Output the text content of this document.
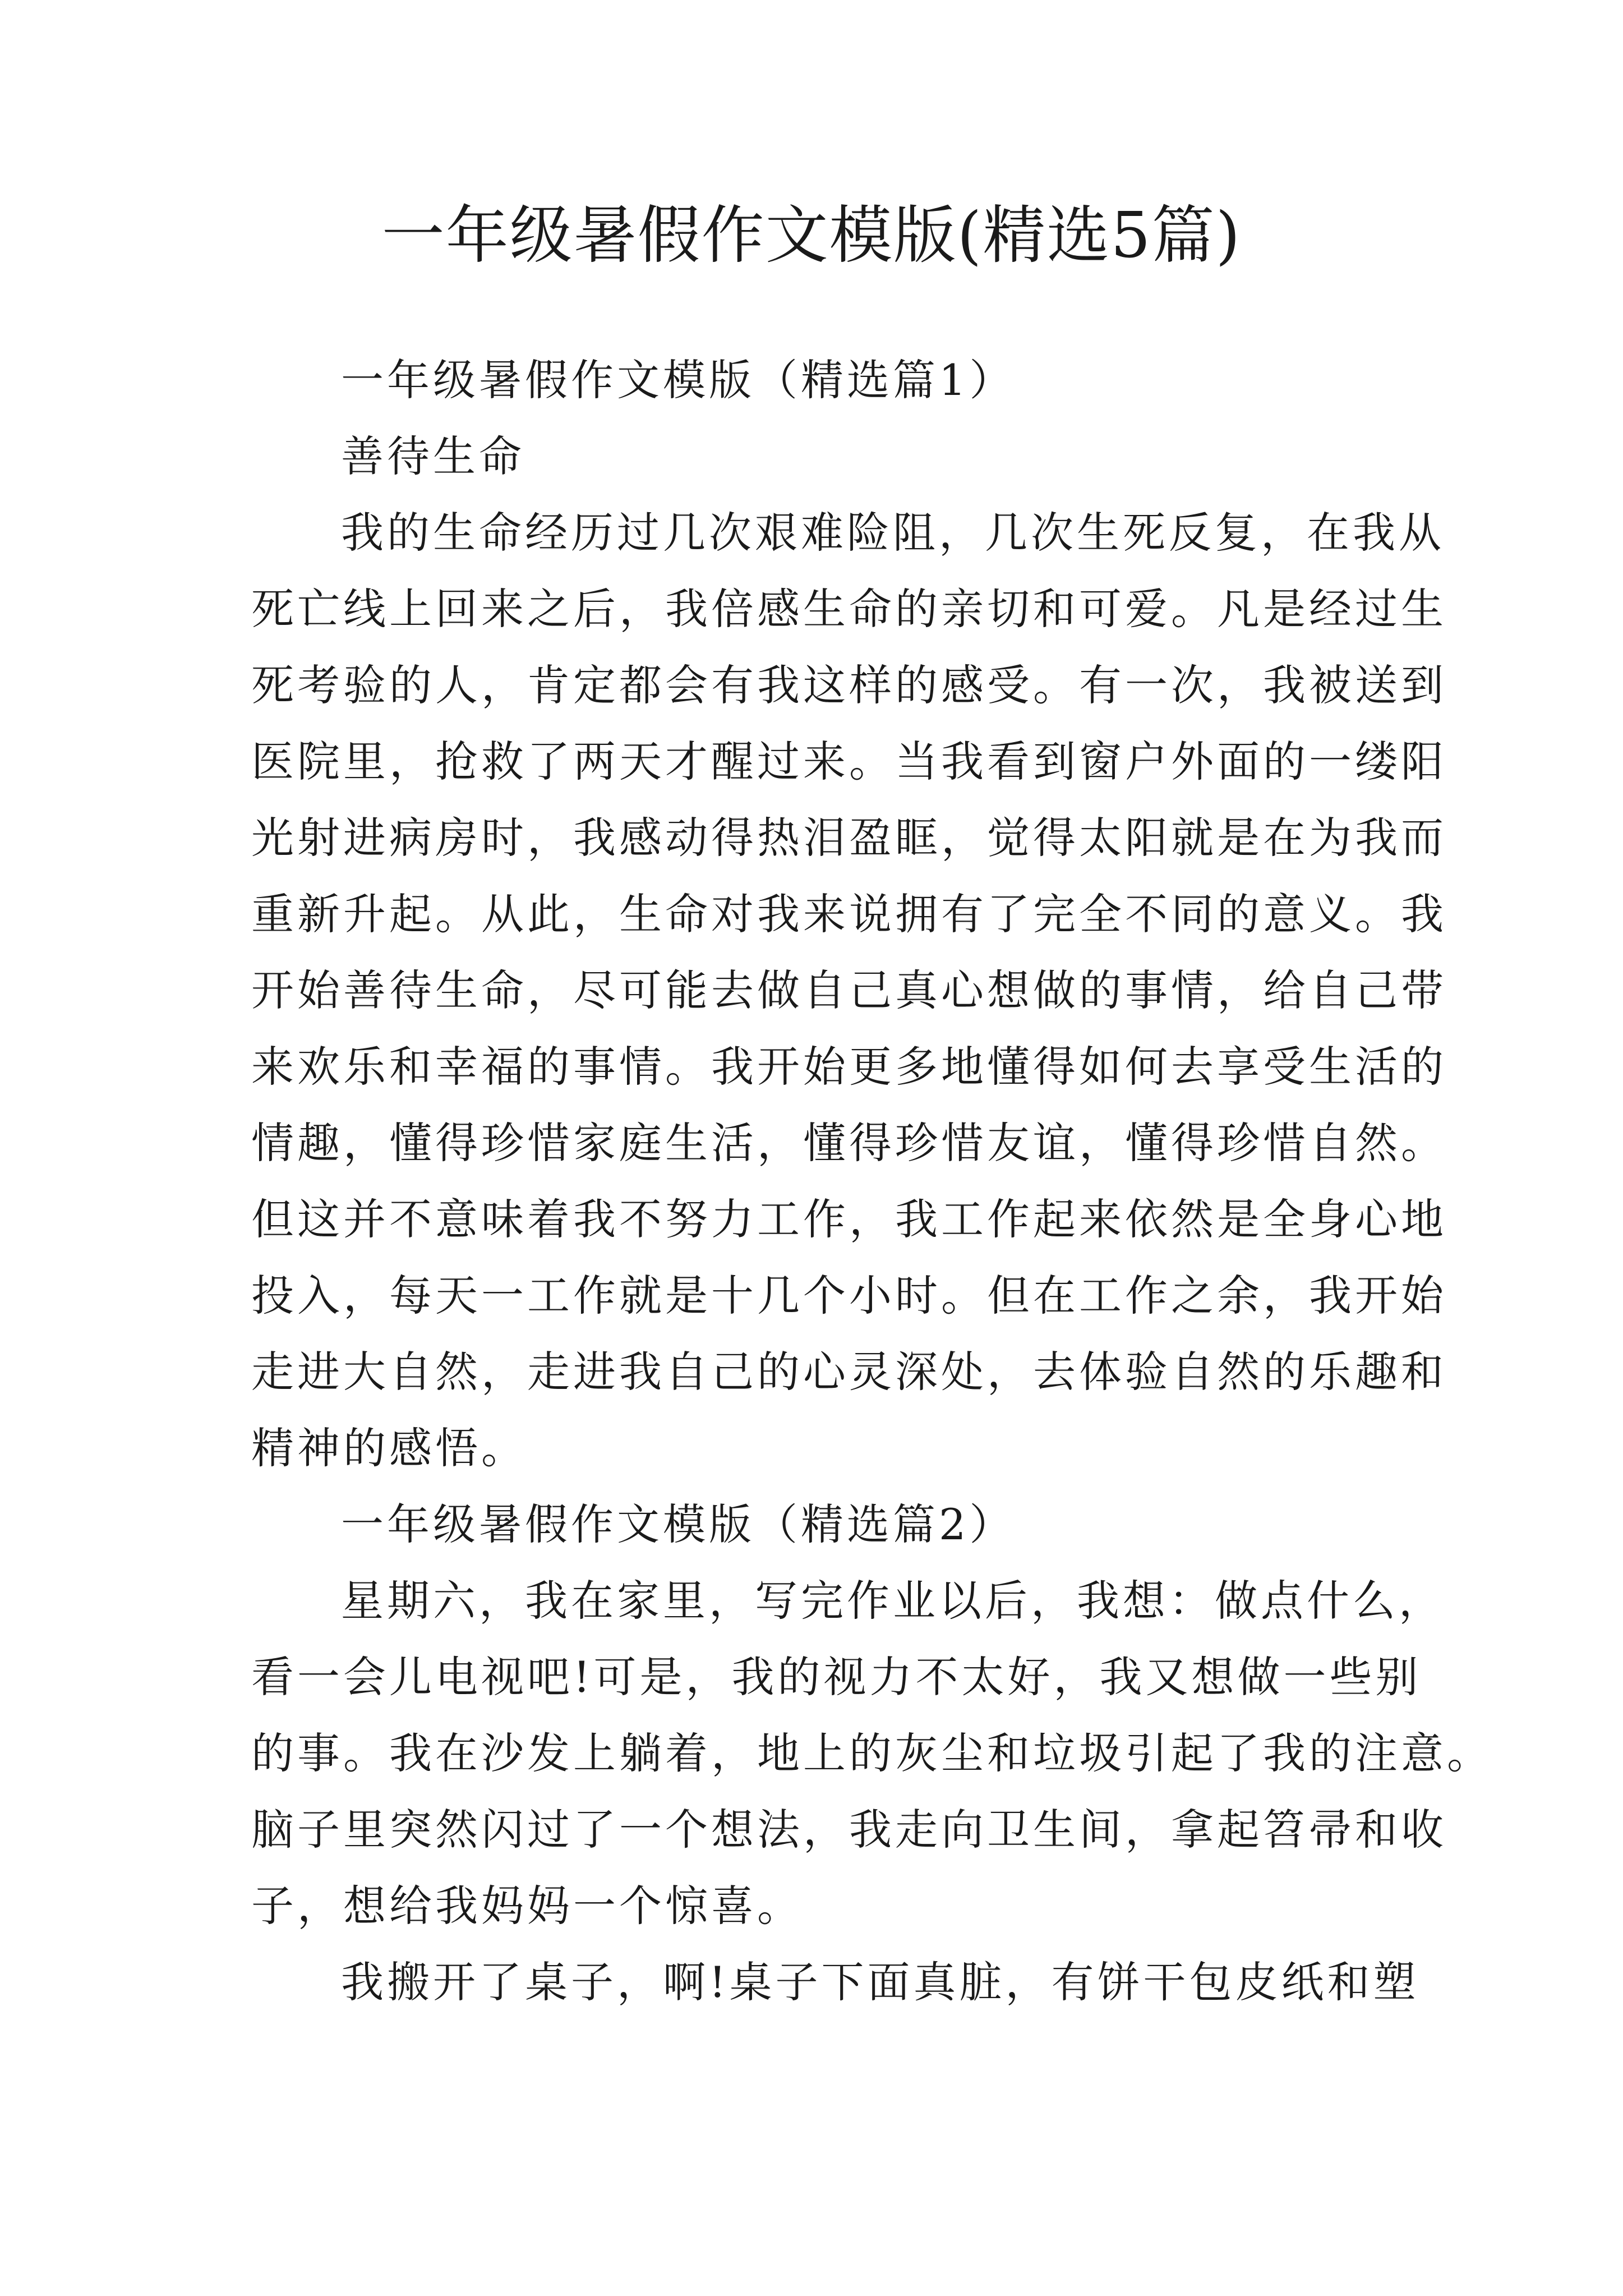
一年级暑假作文模版(精选5篇)
一年级暑假作文模版（精选篇1）
善待生命
我的生命经历过几次艰难险阻，几次生死反复，在我从
死亡线上回来之后，我倍感生命的亲切和可爱。凡是经过生
死考验的人，肯定都会有我这样的感受。有一次，我被送到
医院里，抢救了两天才醒过来。当我看到窗户外面的一缕阳
光射进病房时，我感动得热泪盈眶，觉得太阳就是在为我而
重新升起。从此，生命对我来说拥有了完全不同的意义。我
开始善待生命，尽可能去做自己真心想做的事情，给自己带
来欢乐和幸福的事情。我开始更多地懂得如何去享受生活的
情趣，懂得珍惜家庭生活，懂得珍惜友谊，懂得珍惜自然。
但这并不意味着我不努力工作，我工作起来依然是全身心地
投入，每天一工作就是十几个小时。但在工作之余，我开始
走进大自然，走进我自己的心灵深处，去体验自然的乐趣和
精神的感悟。
一年级暑假作文模版（精选篇2）
星期六，我在家里，写完作业以后，我想：做点什么，
看一会儿电视吧!可是，我的视力不太好，我又想做一些别
的事。我在沙发上躺着，地上的灰尘和垃圾引起了我的注意。
脑子里突然闪过了一个想法，我走向卫生间，拿起笤帚和收
子，想给我妈妈一个惊喜。
我搬开了桌子，啊!桌子下面真脏，有饼干包皮纸和塑
